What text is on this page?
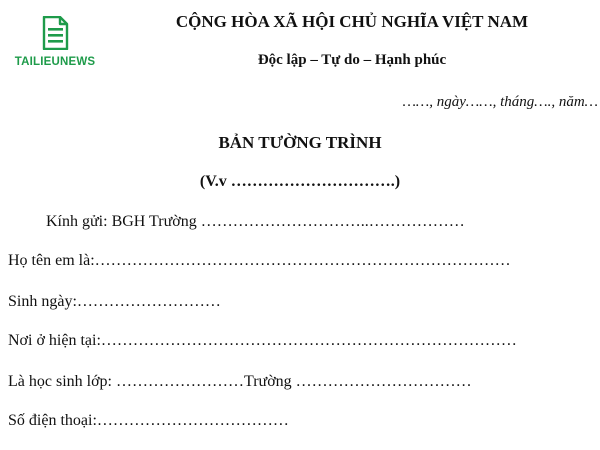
TAILIEUNEWS
CỘNG HÒA XÃ HỘI CHỦ NGHĨA VIỆT NAM
Độc lập – Tự do – Hạnh phúc
……, ngày……, tháng…., năm…
BẢN TƯỜNG TRÌNH
(V.v ………………………….)
Kính gửi: BGH Trường …………………………..………………
Họ tên em là:……………………………………………………………………
Sinh ngày:………………………
Nơi ở hiện tại:……………………………………………………………………
Là học sinh lớp: ……………………Trường ……………………………
Số điện thoại:………………………………
